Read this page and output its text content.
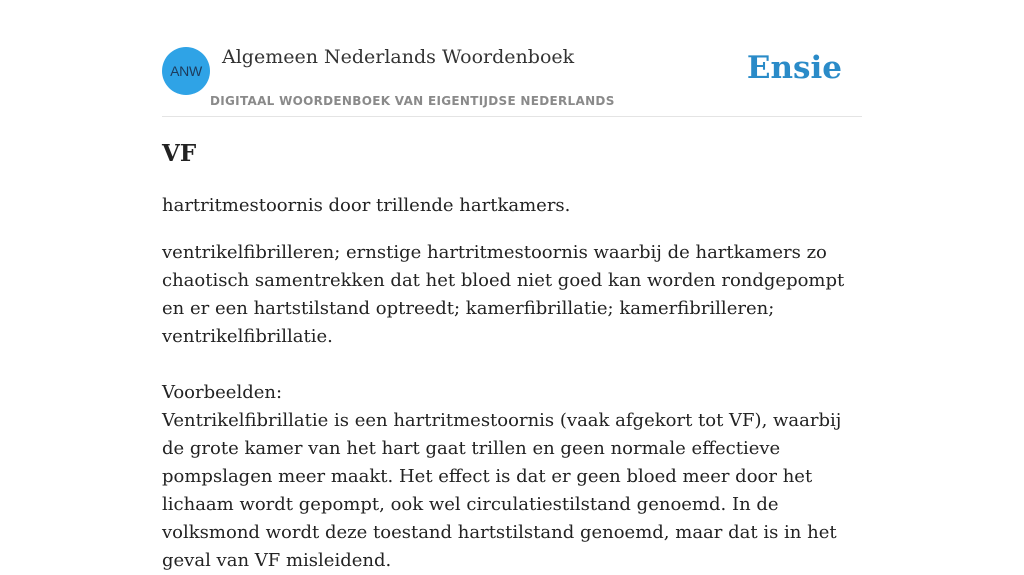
ANW
Algemeen Nederlands Woordenboek
DIGITAAL WOORDENBOEK VAN EIGENTIJDSE NEDERLANDS
Ensie
VF
hartritmestoornis door trillende hartkamers.
ventrikelfibrilleren; ernstige hartritmestoornis waarbij de hartkamers zo chaotisch samentrekken dat het bloed niet goed kan worden rondgepompt en er een hartstilstand optreedt; kamerfibrillatie; kamerfibrilleren; ventrikelfibrillatie.
Voorbeelden:
Ventrikelfibrillatie is een hartritmestoornis (vaak afgekort tot VF), waarbij de grote kamer van het hart gaat trillen en geen normale effectieve pompslagen meer maakt. Het effect is dat er geen bloed meer door het lichaam wordt gepompt, ook wel circulatiestilstand genoemd. In de volksmond wordt deze toestand hartstilstand genoemd, maar dat is in het geval van VF misleidend.
